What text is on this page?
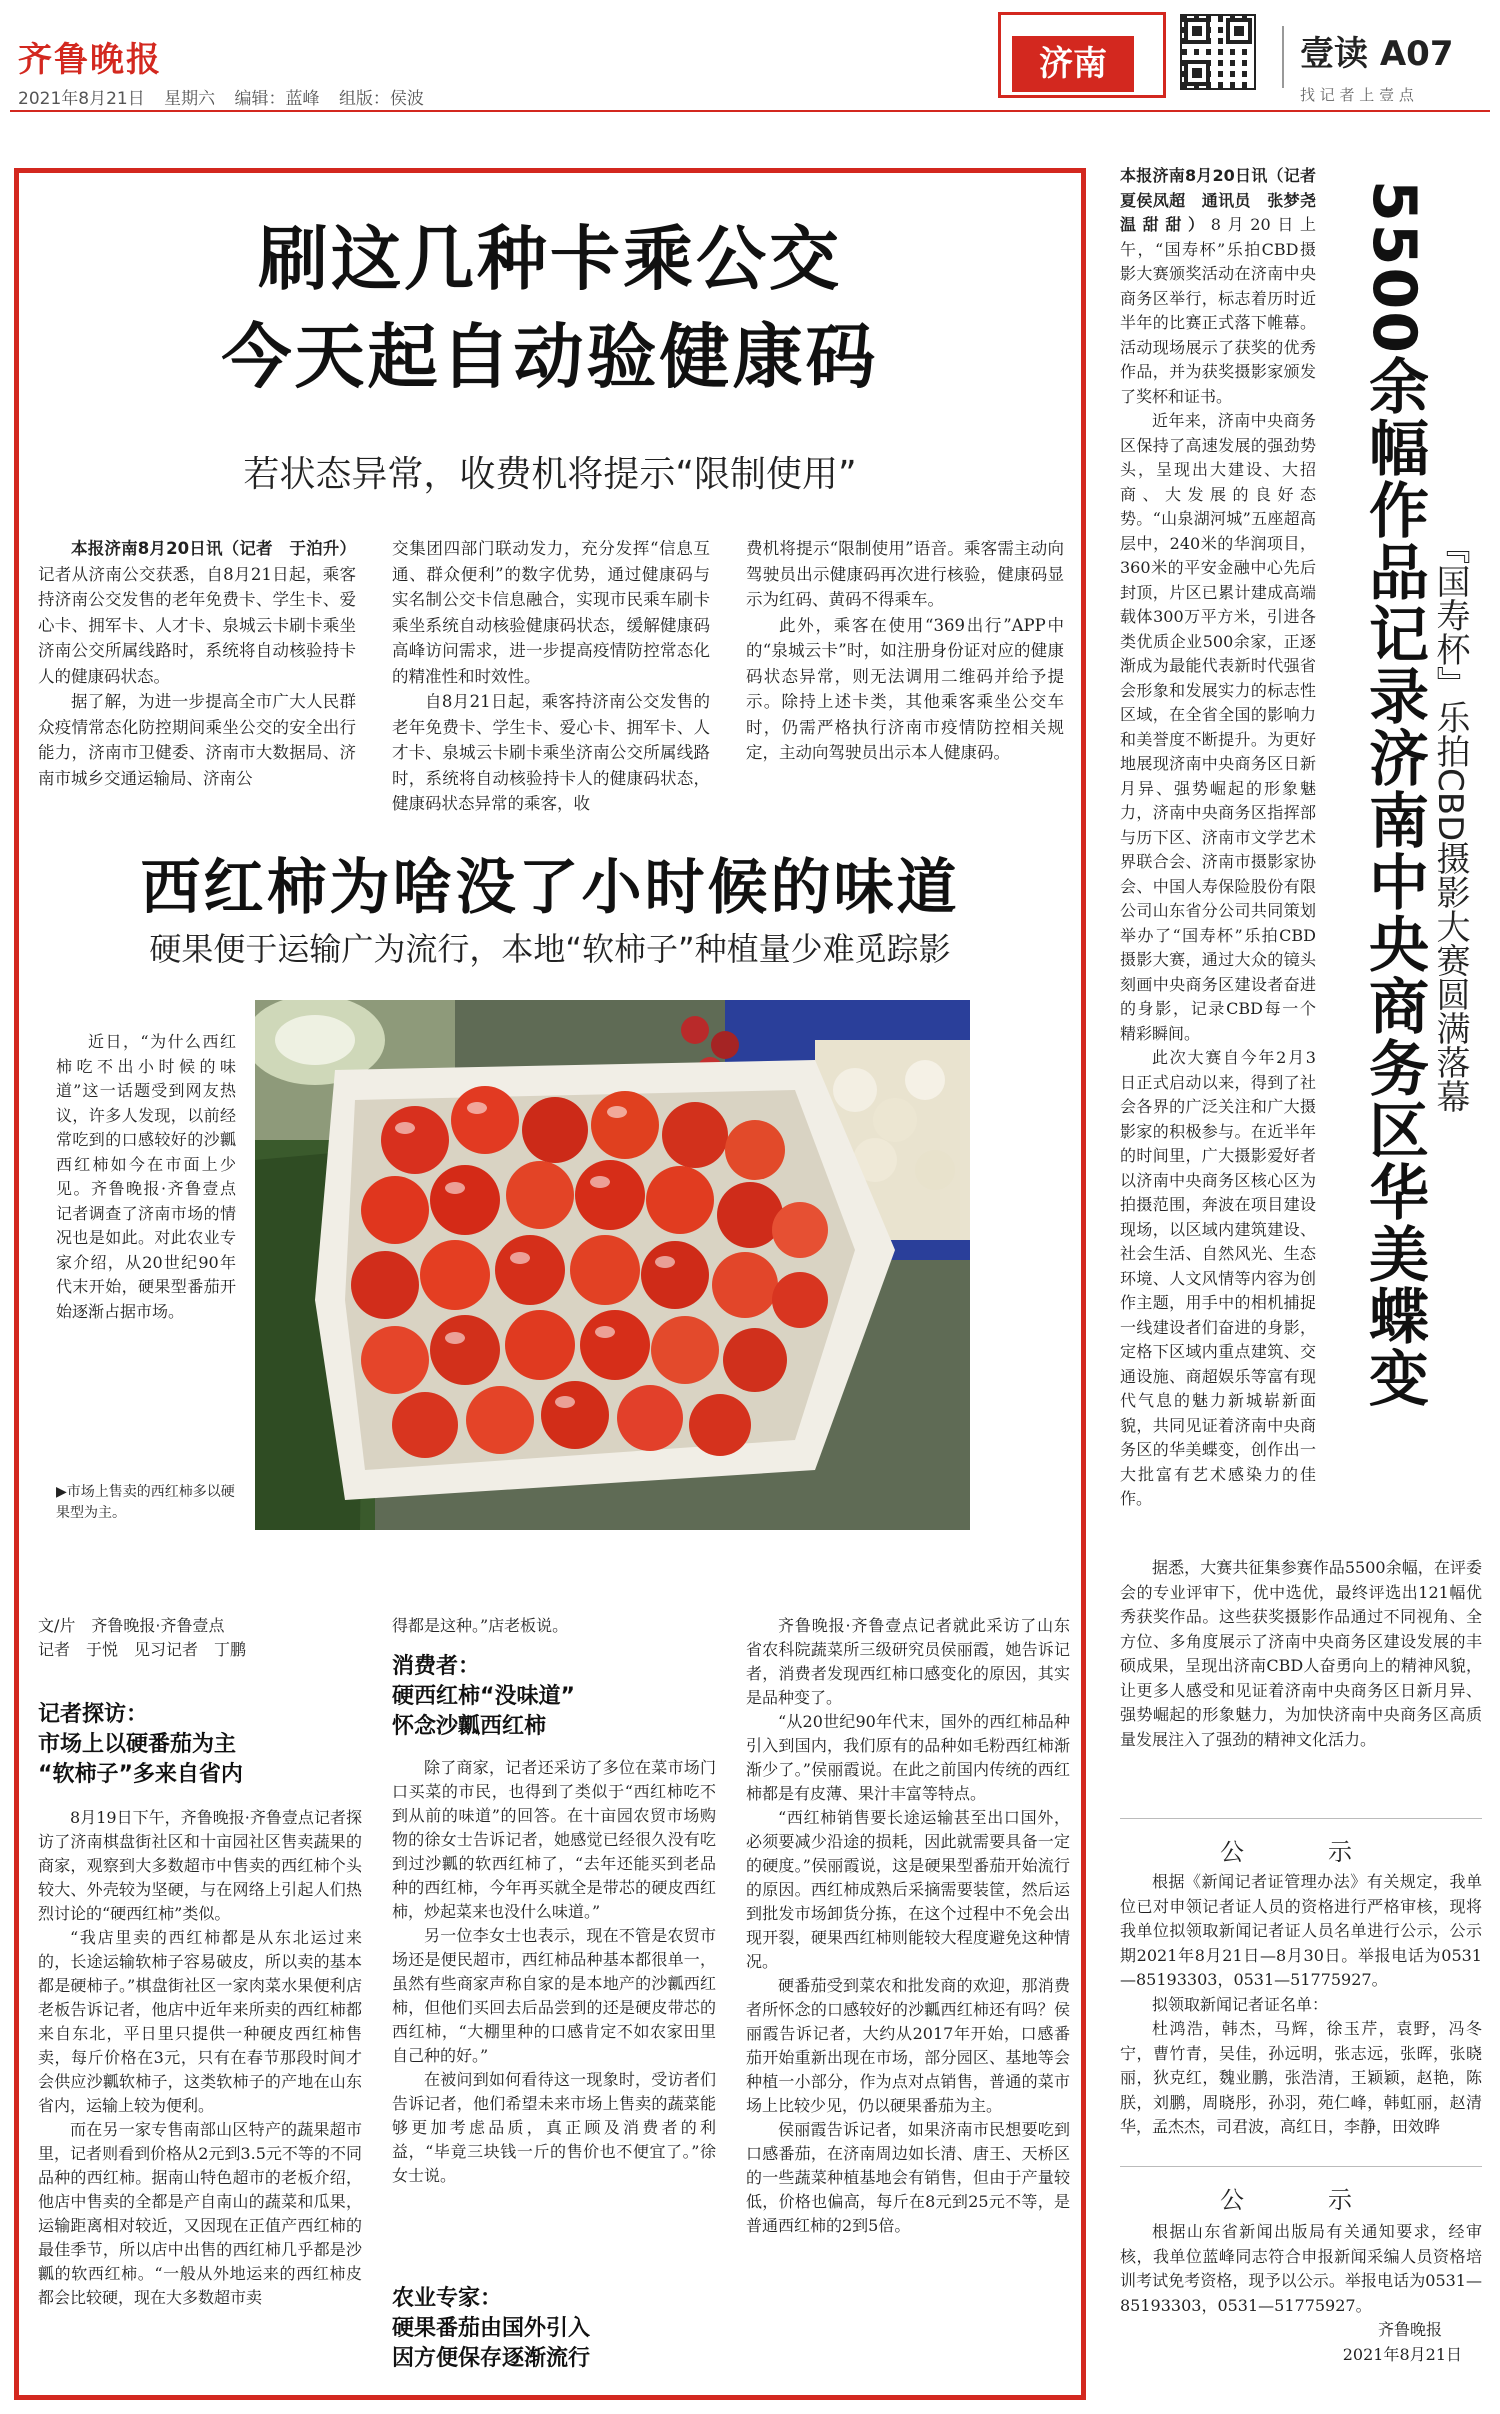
齐鲁晚报
2021年8月21日 星期六 编辑：蓝峰 组版：侯波
济南	壹读 A07
找 记 者 上 壹 点
刷这几种卡乘公交
今天起自动验健康码
若状态异常，收费机将提示“限制使用”

本报济南8月20日讯（记者　于泊升）记者从济南公交获悉，自8月21日起，乘客持济南公交发售的老年免费卡、学生卡、爱心卡、拥军卡、人才卡、泉城云卡刷卡乘坐济南公交所属线路时，系统将自动核验持卡人的健康码状态。

据了解，为进一步提高全市广大人民群众疫情常态化防控期间乘坐公交的安全出行能力，济南市卫健委、济南市大数据局、济南市城乡交通运输局、济南公

交集团四部门联动发力，充分发挥“信息互通、群众便利”的数字优势，通过健康码与实名制公交卡信息融合，实现市民乘车刷卡乘坐系统自动核验健康码状态，缓解健康码高峰访问需求，进一步提高疫情防控常态化的精准性和时效性。

自8月21日起，乘客持济南公交发售的老年免费卡、学生卡、爱心卡、拥军卡、人才卡、泉城云卡刷卡乘坐济南公交所属线路时，系统将自动核验持卡人的健康码状态，健康码状态异常的乘客，收

费机将提示“限制使用”语音。乘客需主动向驾驶员出示健康码再次进行核验，健康码显示为红码、黄码不得乘车。

此外，乘客在使用“369出行”APP中的“泉城云卡”时，如注册身份证对应的健康码状态异常，则无法调用二维码并给予提示。除持上述卡类，其他乘客乘坐公交车时，仍需严格执行济南市疫情防控相关规定，主动向驾驶员出示本人健康码。

西红柿为啥没了小时候的味道
硬果便于运输广为流行，本地“软柿子”种植量少难觅踪影

近日，“为什么西红柿吃不出小时候的味道”这一话题受到网友热议，许多人发现，以前经常吃到的口感较好的沙瓤西红柿如今在市面上少见。齐鲁晚报·齐鲁壹点记者调查了济南市场的情况也是如此。对此农业专家介绍，从20世纪90年代末开始，硬果型番茄开始逐渐占据市场。

▶市场上售卖的西红柿多以硬果型为主。
文/片　齐鲁晚报·齐鲁壹点
记者　于悦　见习记者　丁鹏
记者探访：
市场上以硬番茄为主
“软柿子”多来自省内

8月19日下午，齐鲁晚报·齐鲁壹点记者探访了济南棋盘街社区和十亩园社区售卖蔬果的商家，观察到大多数超市中售卖的西红柿个头较大、外壳较为坚硬，与在网络上引起人们热烈讨论的“硬西红柿”类似。

“我店里卖的西红柿都是从东北运过来的，长途运输软柿子容易破皮，所以卖的基本都是硬柿子。”棋盘街社区一家肉菜水果便利店老板告诉记者，他店中近年来所卖的西红柿都来自东北，平日里只提供一种硬皮西红柿售卖，每斤价格在3元，只有在春节那段时间才会供应沙瓤软柿子，这类软柿子的产地在山东省内，运输上较为便利。

而在另一家专售南部山区特产的蔬果超市里，记者则看到价格从2元到3.5元不等的不同品种的西红柿。据南山特色超市的老板介绍，他店中售卖的全都是产自南山的蔬菜和瓜果，运输距离相对较近，又因现在正值产西红柿的最佳季节，所以店中出售的西红柿几乎都是沙瓤的软西红柿。“一般从外地运来的西红柿皮都会比较硬，现在大多数超市卖

得都是这种。”店老板说。

消费者：
硬西红柿“没味道”
怀念沙瓤西红柿

除了商家，记者还采访了多位在菜市场门口买菜的市民，也得到了类似于“西红柿吃不到从前的味道”的回答。在十亩园农贸市场购物的徐女士告诉记者，她感觉已经很久没有吃到过沙瓤的软西红柿了，“去年还能买到老品种的西红柿，今年再买就全是带芯的硬皮西红柿，炒起菜来也没什么味道。”

另一位李女士也表示，现在不管是农贸市场还是便民超市，西红柿品种基本都很单一，虽然有些商家声称自家的是本地产的沙瓤西红柿，但他们买回去后品尝到的还是硬皮带芯的西红柿，“大棚里种的口感肯定不如农家田里自己种的好。”

在被问到如何看待这一现象时，受访者们告诉记者，他们希望未来市场上售卖的蔬菜能够更加考虑品质，真正顾及消费者的利益，“毕竟三块钱一斤的售价也不便宜了。”徐女士说。

农业专家：
硬果番茄由国外引入
因方便保存逐渐流行

齐鲁晚报·齐鲁壹点记者就此采访了山东省农科院蔬菜所三级研究员侯丽霞，她告诉记者，消费者发现西红柿口感变化的原因，其实是品种变了。

“从20世纪90年代末，国外的西红柿品种引入到国内，我们原有的品种如毛粉西红柿渐渐少了。”侯丽霞说。在此之前国内传统的西红柿都是有皮薄、果汁丰富等特点。

“西红柿销售要长途运输甚至出口国外，必须要减少沿途的损耗，因此就需要具备一定的硬度。”侯丽霞说，这是硬果型番茄开始流行的原因。西红柿成熟后采摘需要装筐，然后运到批发市场卸货分拣，在这个过程中不免会出现开裂，硬果西红柿则能较大程度避免这种情况。

硬番茄受到菜农和批发商的欢迎，那消费者所怀念的口感较好的沙瓤西红柿还有吗？侯丽霞告诉记者，大约从2017年开始，口感番茄开始重新出现在市场，部分园区、基地等会种植一小部分，作为点对点销售，普通的菜市场上比较少见，仍以硬果番茄为主。

侯丽霞告诉记者，如果济南市民想要吃到口感番茄，在济南周边如长清、唐王、天桥区的一些蔬菜种植基地会有销售，但由于产量较低，价格也偏高，每斤在8元到25元不等，是普通西红柿的2到5倍。

5500余幅作品记录济南中央商务区华美蝶变 『国寿杯』乐拍CBD摄影大赛圆满落幕

本报济南8月20日讯（记者　夏侯凤超　通讯员　张梦尧　温甜甜）8月20日上午，“国寿杯”乐拍CBD摄影大赛颁奖活动在济南中央商务区举行，标志着历时近半年的比赛正式落下帷幕。活动现场展示了获奖的优秀作品，并为获奖摄影家颁发了奖杯和证书。

近年来，济南中央商务区保持了高速发展的强劲势头，呈现出大建设、大招商、大发展的良好态势。“山泉湖河城”五座超高层中，240米的华润项目，360米的平安金融中心先后封顶，片区已累计建成高端载体300万平方米，引进各类优质企业500余家，正逐渐成为最能代表新时代强省会形象和发展实力的标志性区域，在全省全国的影响力和美誉度不断提升。为更好地展现济南中央商务区日新月异、强势崛起的形象魅力，济南中央商务区指挥部与历下区、济南市文学艺术界联合会、济南市摄影家协会、中国人寿保险股份有限公司山东省分公司共同策划举办了“国寿杯”乐拍CBD摄影大赛，通过大众的镜头刻画中央商务区建设者奋进的身影，记录CBD每一个精彩瞬间。

此次大赛自今年2月3日正式启动以来，得到了社会各界的广泛关注和广大摄影家的积极参与。在近半年的时间里，广大摄影爱好者以济南中央商务区核心区为拍摄范围，奔波在项目建设现场，以区域内建筑建设、社会生活、自然风光、生态环境、人文风情等内容为创作主题，用手中的相机捕捉一线建设者们奋进的身影，定格下区域内重点建筑、交通设施、商超娱乐等富有现代气息的魅力新城崭新面貌，共同见证着济南中央商务区的华美蝶变，创作出一大批富有艺术感染力的佳作。

据悉，大赛共征集参赛作品5500余幅，在评委会的专业评审下，优中选优，最终评选出121幅优秀获奖作品。这些获奖摄影作品通过不同视角、全方位、多角度展示了济南中央商务区建设发展的丰硕成果，呈现出济南CBD人奋勇向上的精神风貌，让更多人感受和见证着济南中央商务区日新月异、强势崛起的形象魅力，为加快济南中央商务区高质量发展注入了强劲的精神文化活力。

公　示

根据《新闻记者证管理办法》有关规定，我单位已对申领记者证人员的资格进行严格审核，现将我单位拟领取新闻记者证人员名单进行公示，公示期2021年8月21日—8月30日。举报电话为0531—85193303，0531—51775927。

拟领取新闻记者证名单：

杜鸿浩，韩杰，马辉，徐玉芹，袁野，冯冬宁，曹竹青，吴佳，孙远明，张志远，张晖，张晓丽，狄克红，魏业鹏，张浩清，王颖颖，赵艳，陈朕，刘鹏，周晓彤，孙羽，苑仁峰，韩虹丽，赵清华，孟杰杰，司君波，高红日，李静，田效晔

公　示

根据山东省新闻出版局有关通知要求，经审核，我单位蓝峰同志符合申报新闻采编人员资格培训考试免考资格，现予以公示。举报电话为0531—85193303，0531—51775927。

齐鲁晚报

2021年8月21日
